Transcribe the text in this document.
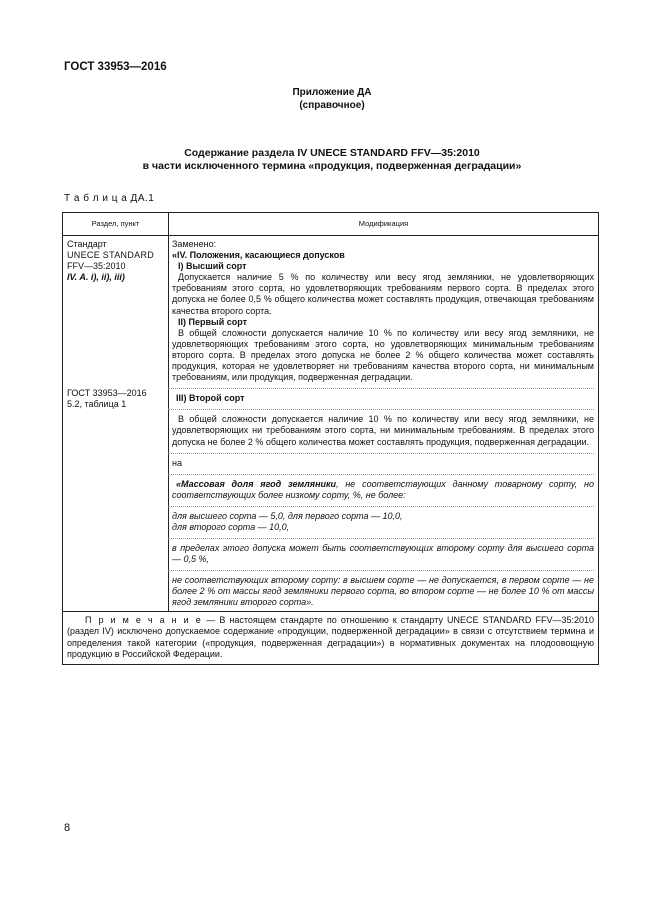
ГОСТ 33953—2016
Приложение ДА
(справочное)
Содержание раздела IV UNECE STANDARD FFV—35:2010
в части исключенного термина «продукция, подверженная деградации»
Т а б л и ц а ДА.1
Раздел, пункт	Модификация
Стандарт
UNECE STANDARD
FFV—35:2010
IV. A. i), ii), iii)
ГОСТ 33953—2016
5.2, таблица 1

Заменено:

«IV. Положения, касающиеся допусков

I) Высший сорт

Допускается наличие 5 % по количеству или весу ягод земляники, не удовлетворяющих требованиям этого сорта, но удовлетворяющих требованиям первого сорта. В пределах этого допуска не более 0,5 % общего количества может составлять продукция, отвечающая требованиям качества второго сорта.

II) Первый сорт

В общей сложности допускается наличие 10 % по количеству или весу ягод земляники, не удовлетворяющих требованиям этого сорта, но удовлетворяющих минимальным требованиям второго сорта. В пределах этого допуска не более 2 % общего количества может составлять продукция, которая не удовлетворяет ни требованиям качества второго сорта, ни минимальным требованиям, или продукция, подверженная деградации.

III) Второй сорт

В общей сложности допускается наличие 10 % по количеству или весу ягод земляники, не удовлетворяющих ни требованиям этого сорта, ни минимальным требованиям. В пределах этого допуска не более 2 % общего количества может составлять продукция, подверженная деградации.

на

«Массовая доля ягод земляники, не соответствующих данному товарному сорту, но соответствующих более низкому сорту, %, не более:

для высшего сорта — 5,0, для первого сорта — 10,0,

для второго сорта — 10,0,

в пределах этого допуска может быть соответствующих второму сорту для высшего сорта — 0,5 %,

не соответствующих второму сорту: в высшем сорте — не допускается, в первом сорте — не более 2 % от массы ягод земляники первого сорта, во втором сорте — не более 10 % от массы ягод земляники второго сорта».

П р и м е ч а н и е — В настоящем стандарте по отношению к стандарту UNECE STANDARD FFV—35:2010 (раздел IV) исключено допускаемое содержание «продукции, подверженной деградации» в связи с отсутствием термина и определения такой категории («продукция, подверженная деградации») в нормативных документах на плодоовощную продукцию в Российской Федерации.
8
